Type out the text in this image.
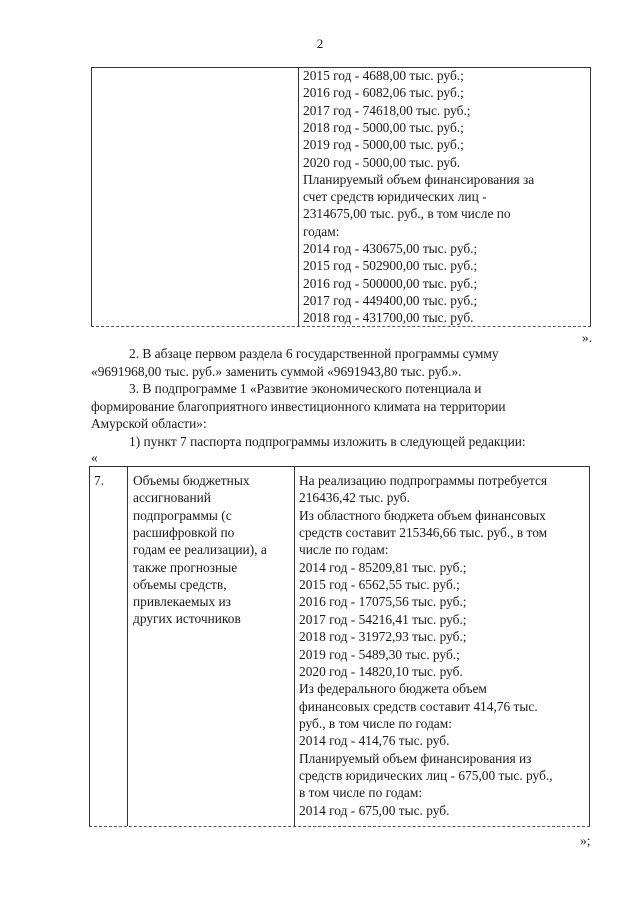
2
2015 год - 4688,00 тыс. руб.;
2016 год - 6082,06 тыс. руб.;
2017 год - 74618,00 тыс. руб.;
2018 год - 5000,00 тыс. руб.;
2019 год - 5000,00 тыс. руб.;
2020 год - 5000,00 тыс. руб.
Планируемый объем финансирования за
счет средств юридических лиц -
2314675,00 тыс. руб., в том числе по
годам:
2014 год - 430675,00 тыс. руб.;
2015 год - 502900,00 тыс. руб.;
2016 год - 500000,00 тыс. руб.;
2017 год - 449400,00 тыс. руб.;
2018 год - 431700,00 тыс. руб.
».
2. В абзаце первом раздела 6 государственной программы сумму
«9691968,00 тыс. руб.» заменить суммой «9691943,80 тыс. руб.».
3. В подпрограмме 1 «Развитие экономического потенциала и
формирование благоприятного инвестиционного климата на территории
Амурской области»:
1) пункт 7 паспорта подпрограммы изложить в следующей редакции:
«
7. Объемы бюджетных
ассигнований
подпрограммы (с
расшифровкой по
годам ее реализации), а
также прогнозные
объемы средств,
привлекаемых из
других источников
На реализацию подпрограммы потребуется
216436,42 тыс. руб.
Из областного бюджета объем финансовых
средств составит 215346,66 тыс. руб., в том
числе по годам:
2014 год - 85209,81 тыс. руб.;
2015 год - 6562,55 тыс. руб.;
2016 год - 17075,56 тыс. руб.;
2017 год - 54216,41 тыс. руб.;
2018 год - 31972,93 тыс. руб.;
2019 год - 5489,30 тыс. руб.;
2020 год - 14820,10 тыс. руб.
Из федерального бюджета объем
финансовых средств составит 414,76 тыс.
руб., в том числе по годам:
2014 год - 414,76 тыс. руб.
Планируемый объем финансирования из
средств юридических лиц - 675,00 тыс. руб.,
в том числе по годам:
2014 год - 675,00 тыс. руб.
»;
